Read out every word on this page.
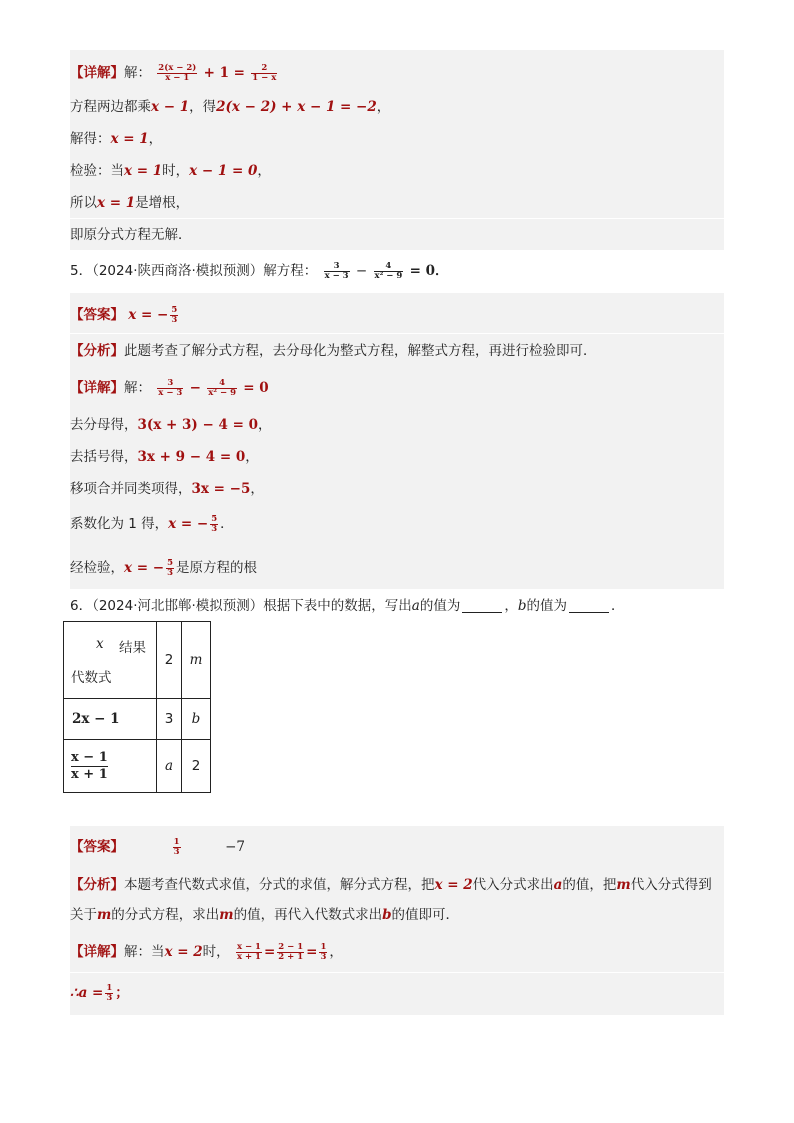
【详解】解： $\frac{2(x - 2)}{x - 1} + 1 = \frac{2}{1 - x}$
方程两边都乘x − 1，得2(x − 2) + x − 1 = −2，
解得：x = 1，
检验：当x = 1时，x − 1 = 0，
所以x = 1是增根，
即原分式方程无解．
5．（2024·陕西商洛·模拟预测）解方程： $\frac{3}{x - 3} - \frac{4}{\text{x² − 9}} = 0$．
【答案】 x = − $\frac{5}{3}$
【分析】此题考查了解分式方程，去分母化为整式方程，解整式方程，再进行检验即可．
【详解】解： $\frac{3}{x - 3} - \frac{4}{\text{x² − 9}} = 0$
去分母得，3(x + 3) − 4 = 0，
去括号得，3x + 9 − 4 = 0，
移项合并同类项得，3x = −5，
系数化为 1 得，x = − $\frac{5}{3}$ ．
经检验，x = − $\frac{5}{3}$ 是原方程的根
6．（2024·河北邯郸·模拟预测）根据下表中的数据，写出a的值为	，b的值为	．
x 结果
代数式	2	m
2x − 1	3	b

$\frac{x - 1}{x + 1}$	a	2
【答案】	$\frac{1}{3}$	−7
【分析】本题考查代数式求值，分式的求值，解分式方程，把x = 2代入分式求出a的值，把m代入分式得到
关于m的分式方程，求出m的值，再代入代数式求出b的值即可．
【详解】解：当x = 2时， $\frac{x - 1}{x + 1} = \frac{2 - 1}{2 + 1} = \frac{1}{3}$ ，
∴a = $\frac{1}{3}$ ；
